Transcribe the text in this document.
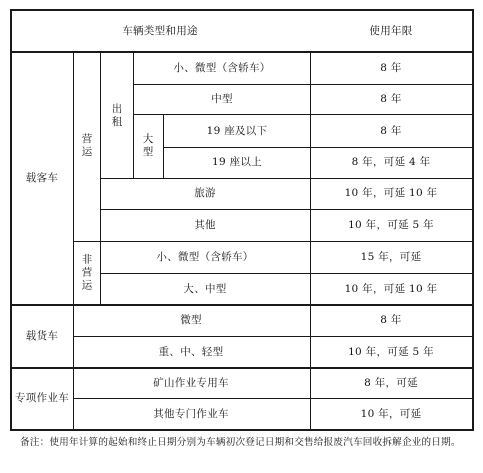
车辆类型和用途	使用年限
载客车
营运
出租
大型
非营运
载货车
专项作业车
小、微型（含轿车）
中型
19 座及以下
19 座以上
旅游
其他
小、微型（含轿车）
大、中型
微型
重、中、轻型
矿山作业专用车
其他专门作业车
8 年
8 年
8 年
8 年，可延 4 年
10 年，可延 10 年
10 年，可延 5 年
15 年，可延
10 年，可延 10 年
8 年
10 年，可延 5 年
8 年，可延
10 年，可延
备注：使用年计算的起始和终止日期分别为车辆初次登记日期和交售给报废汽车回收拆解企业的日期。
